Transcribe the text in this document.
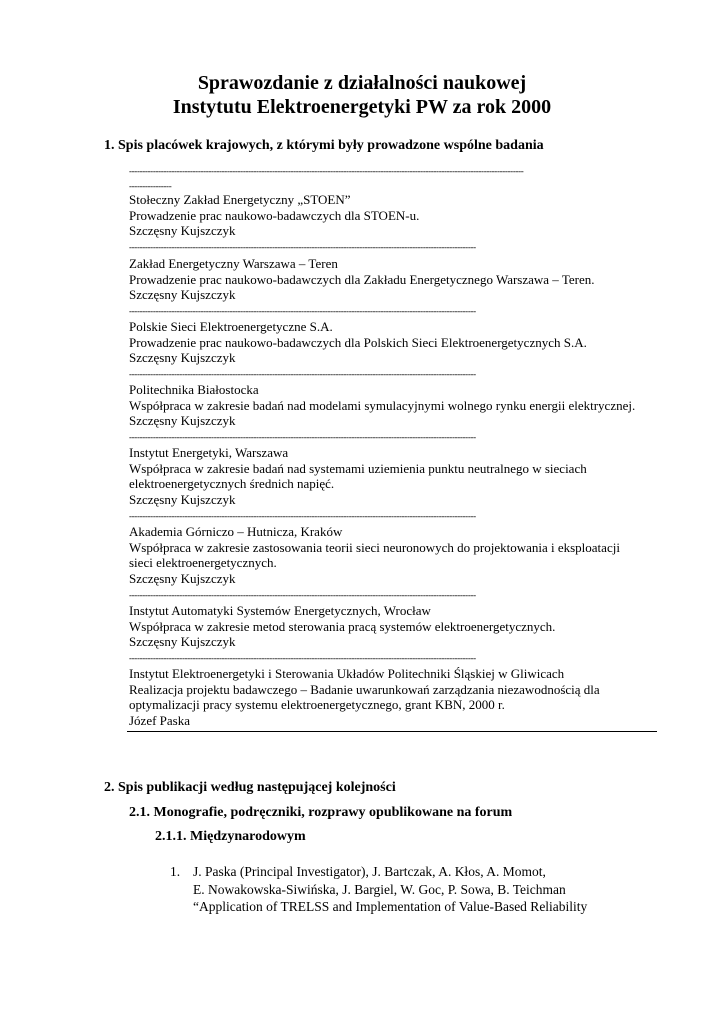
Sprawozdanie z działalności naukowej
Instytutu Elektroenergetyki PW za rok 2000
1. Spis placówek krajowych, z którymi były prowadzone wspólne badania
-----------------------------------------------------------------------------------------------------------------------------------------------------
----------------
Stołeczny Zakład Energetyczny „STOEN”
Prowadzenie prac naukowo-badawczych dla STOEN-u.
Szczęsny Kujszczyk
-----------------------------------------------------------------------------------------------------------------------------------
Zakład Energetyczny Warszawa – Teren
Prowadzenie prac naukowo-badawczych dla Zakładu Energetycznego Warszawa – Teren.
Szczęsny Kujszczyk
-----------------------------------------------------------------------------------------------------------------------------------
Polskie Sieci Elektroenergetyczne S.A.
Prowadzenie prac naukowo-badawczych dla Polskich Sieci Elektroenergetycznych S.A.
Szczęsny Kujszczyk
-----------------------------------------------------------------------------------------------------------------------------------
Politechnika Białostocka
Współpraca w zakresie badań nad modelami symulacyjnymi wolnego rynku energii elektrycznej.
Szczęsny Kujszczyk
-----------------------------------------------------------------------------------------------------------------------------------
Instytut Energetyki, Warszawa
Współpraca w zakresie badań nad systemami uziemienia punktu neutralnego w sieciach
elektroenergetycznych średnich napięć.
Szczęsny Kujszczyk
-----------------------------------------------------------------------------------------------------------------------------------
Akademia Górniczo – Hutnicza, Kraków
Współpraca w zakresie zastosowania teorii sieci neuronowych do projektowania i eksploatacji
sieci elektroenergetycznych.
Szczęsny Kujszczyk
-----------------------------------------------------------------------------------------------------------------------------------
Instytut Automatyki Systemów Energetycznych, Wrocław
Współpraca w zakresie metod sterowania pracą systemów elektroenergetycznych.
Szczęsny Kujszczyk
-----------------------------------------------------------------------------------------------------------------------------------
Instytut Elektroenergetyki i Sterowania Układów Politechniki Śląskiej w Gliwicach
Realizacja projektu badawczego – Badanie uwarunkowań zarządzania niezawodnością dla
optymalizacji pracy systemu elektroenergetycznego, grant KBN, 2000 r.
Józef Paska
2. Spis publikacji według następującej kolejności
2.1. Monografie, podręczniki, rozprawy opublikowane na forum
2.1.1. Międzynarodowym
1. J. Paska (Principal Investigator), J. Bartczak, A. Kłos, A. Momot,
E. Nowakowska-Siwińska, J. Bargiel, W. Goc, P. Sowa, B. Teichman
“Application of TRELSS and Implementation of Value-Based Reliability
